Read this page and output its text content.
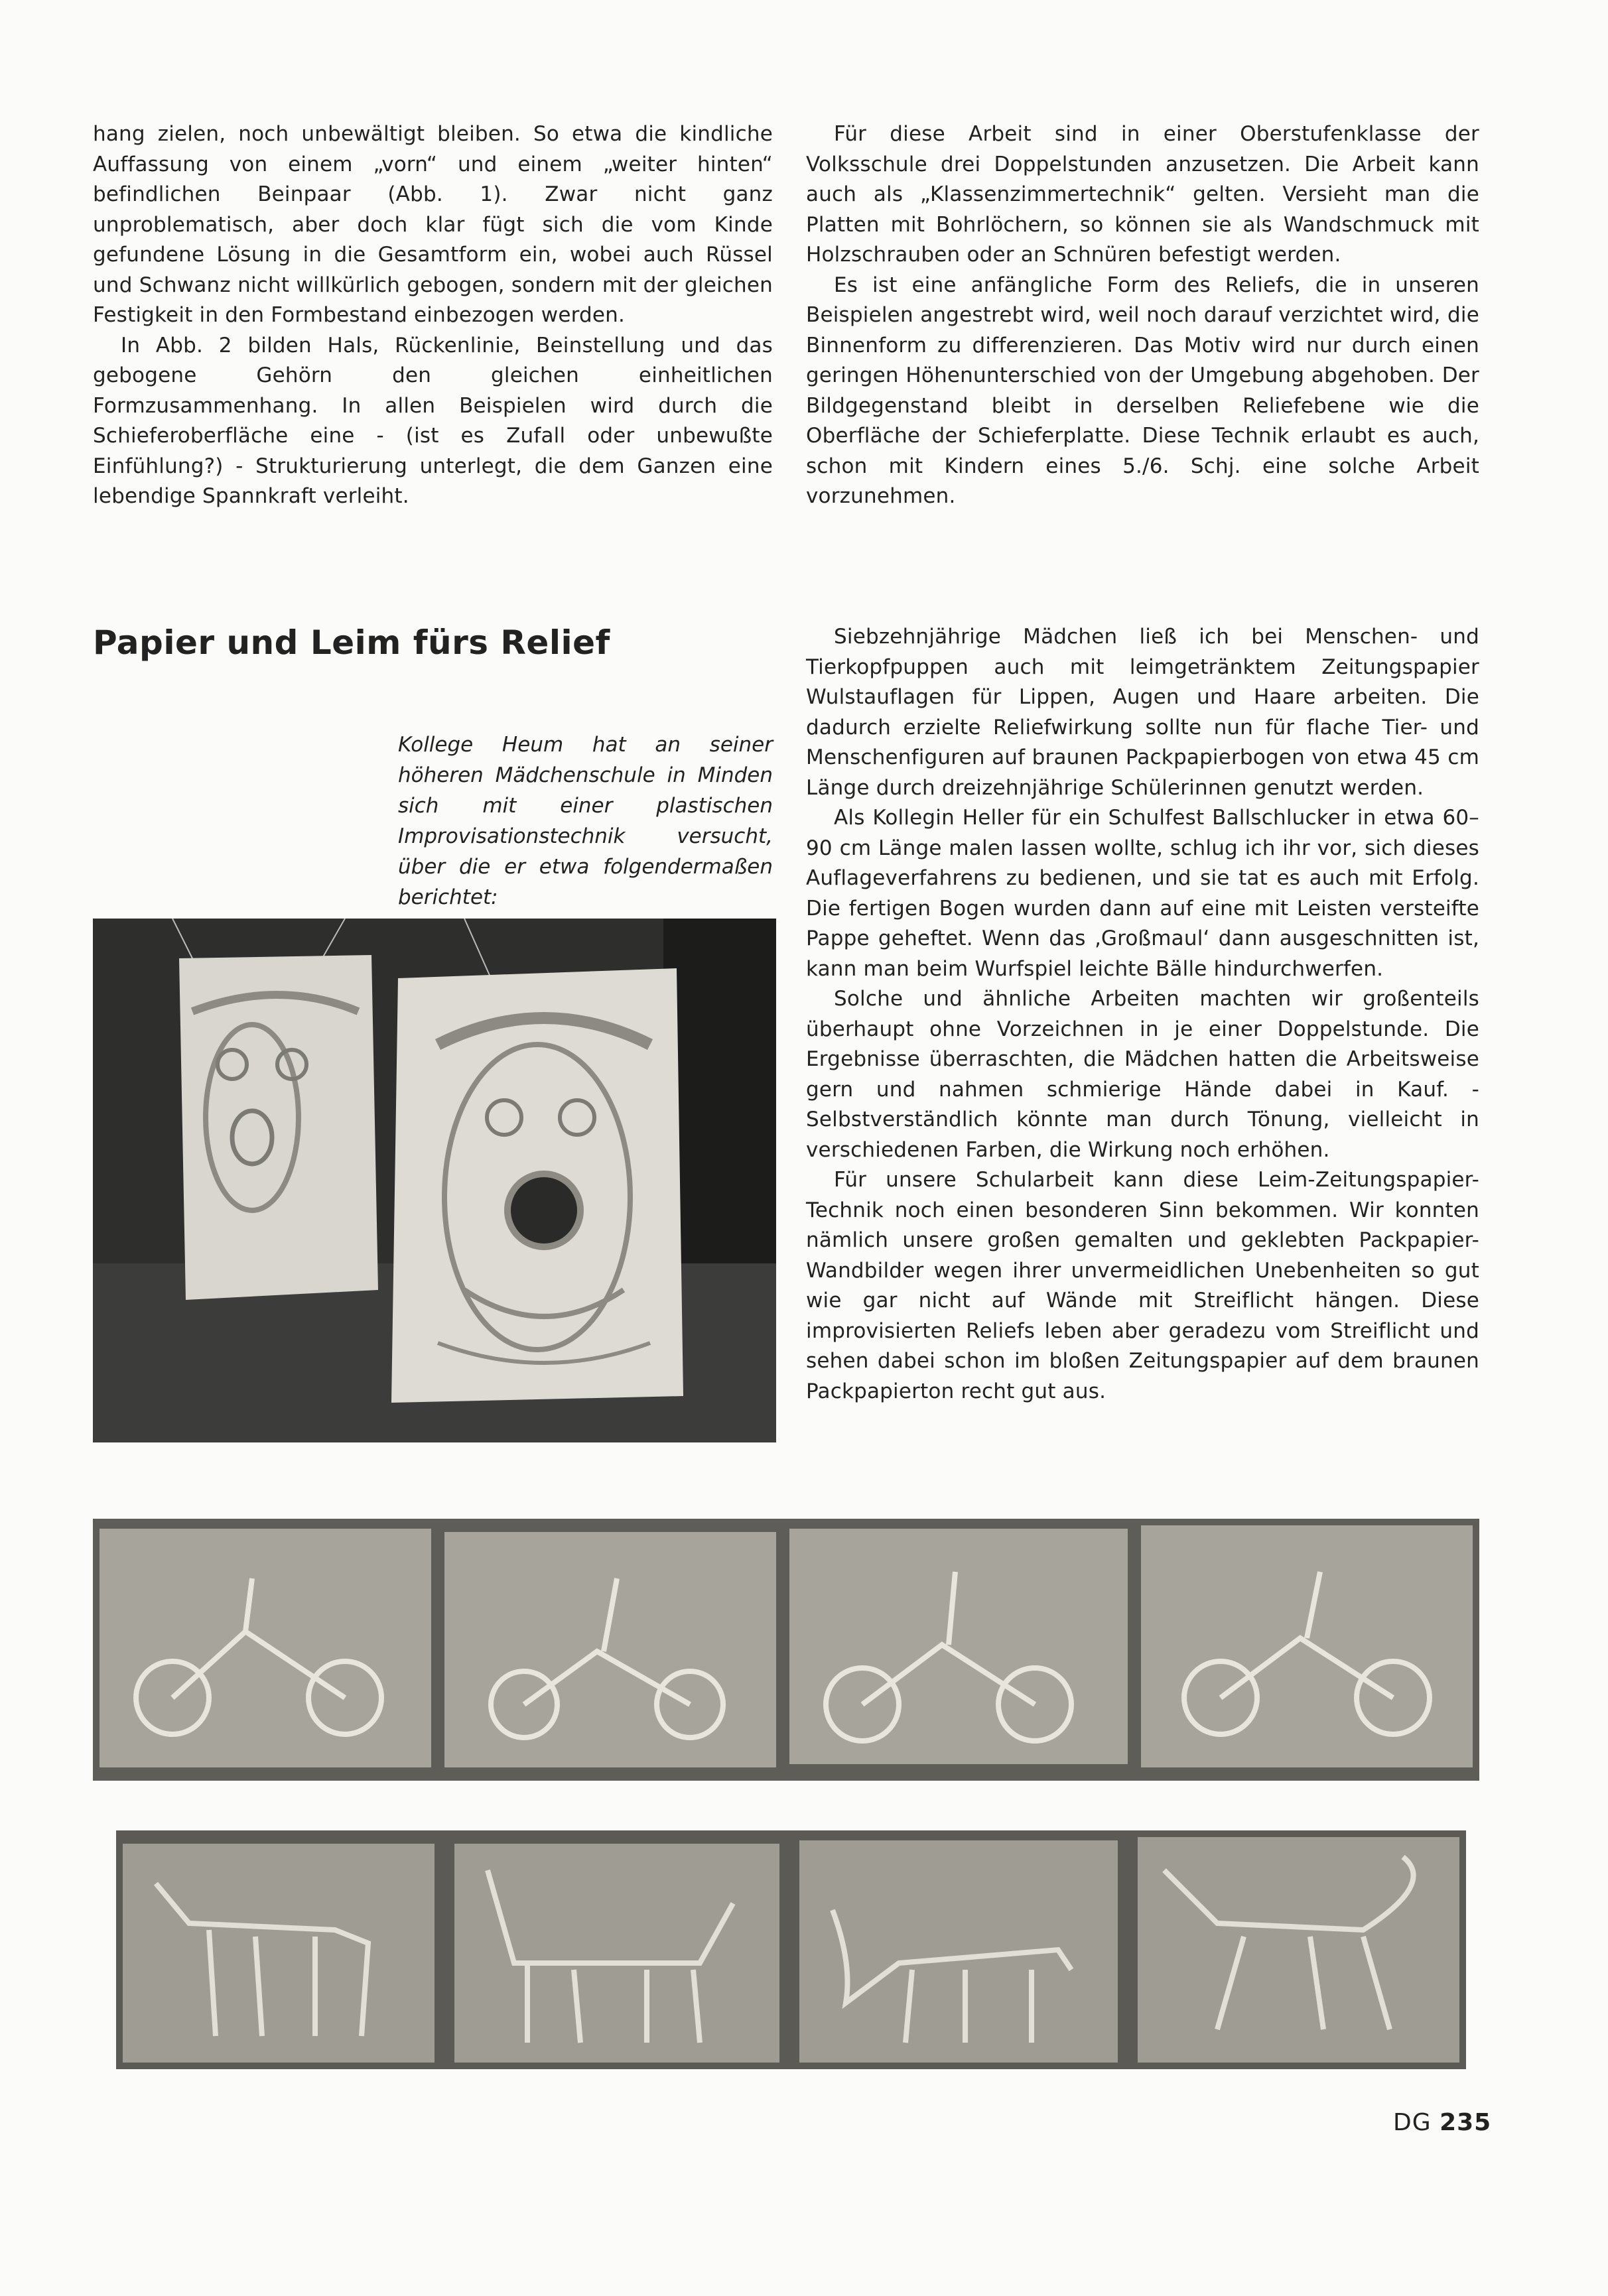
hang zielen, noch unbewältigt bleiben. So etwa die kindliche Auffassung von einem „vorn“ und einem „weiter hinten“ befindlichen Beinpaar (Abb. 1). Zwar nicht ganz unproblematisch, aber doch klar fügt sich die vom Kinde gefundene Lösung in die Gesamtform ein, wobei auch Rüssel und Schwanz nicht willkürlich gebogen, sondern mit der gleichen Festigkeit in den Formbestand einbezogen werden.

In Abb. 2 bilden Hals, Rückenlinie, Beinstellung und das gebogene Gehörn den gleichen einheitlichen Formzusammenhang. In allen Beispielen wird durch die Schieferoberfläche eine - (ist es Zufall oder unbewußte Einfühlung?) - Strukturierung unterlegt, die dem Ganzen eine lebendige Spannkraft verleiht.

Für diese Arbeit sind in einer Oberstufenklasse der Volksschule drei Doppelstunden anzusetzen. Die Arbeit kann auch als „Klassenzimmertechnik“ gelten. Versieht man die Platten mit Bohrlöchern, so können sie als Wandschmuck mit Holzschrauben oder an Schnüren befestigt werden.

Es ist eine anfängliche Form des Reliefs, die in unseren Beispielen angestrebt wird, weil noch darauf verzichtet wird, die Binnenform zu differenzieren. Das Motiv wird nur durch einen geringen Höhenunterschied von der Umgebung abgehoben. Der Bildgegenstand bleibt in derselben Reliefebene wie die Oberfläche der Schieferplatte. Diese Technik erlaubt es auch, schon mit Kindern eines 5./6. Schj. eine solche Arbeit vorzunehmen.

Papier und Leim fürs Relief

Kollege Heum hat an seiner höheren Mädchenschule in Minden sich mit einer plastischen Improvisationstechnik versucht, über die er etwa folgendermaßen berichtet:

Siebzehnjährige Mädchen ließ ich bei Menschen- und Tierkopfpuppen auch mit leimgetränktem Zeitungspapier Wulstauflagen für Lippen, Augen und Haare arbeiten. Die dadurch erzielte Reliefwirkung sollte nun für flache Tier- und Menschenfiguren auf braunen Packpapierbogen von etwa 45 cm Länge durch dreizehnjährige Schülerinnen genutzt werden.

Als Kollegin Heller für ein Schulfest Ballschlucker in etwa 60–90 cm Länge malen lassen wollte, schlug ich ihr vor, sich dieses Auflageverfahrens zu bedienen, und sie tat es auch mit Erfolg. Die fertigen Bogen wurden dann auf eine mit Leisten versteifte Pappe geheftet. Wenn das ‚Großmaul‘ dann ausgeschnitten ist, kann man beim Wurfspiel leichte Bälle hindurchwerfen.

Solche und ähnliche Arbeiten machten wir großenteils überhaupt ohne Vorzeichnen in je einer Doppelstunde. Die Ergebnisse überraschten, die Mädchen hatten die Arbeitsweise gern und nahmen schmierige Hände dabei in Kauf. - Selbstverständlich könnte man durch Tönung, vielleicht in verschiedenen Farben, die Wirkung noch erhöhen.

Für unsere Schularbeit kann diese Leim-Zeitungspapier-Technik noch einen besonderen Sinn bekommen. Wir konnten nämlich unsere großen gemalten und geklebten Packpapier-Wandbilder wegen ihrer unvermeidlichen Unebenheiten so gut wie gar nicht auf Wände mit Streiflicht hängen. Diese improvisierten Reliefs leben aber geradezu vom Streiflicht und sehen dabei schon im bloßen Zeitungspapier auf dem braunen Packpapierton recht gut aus.

DG 235
